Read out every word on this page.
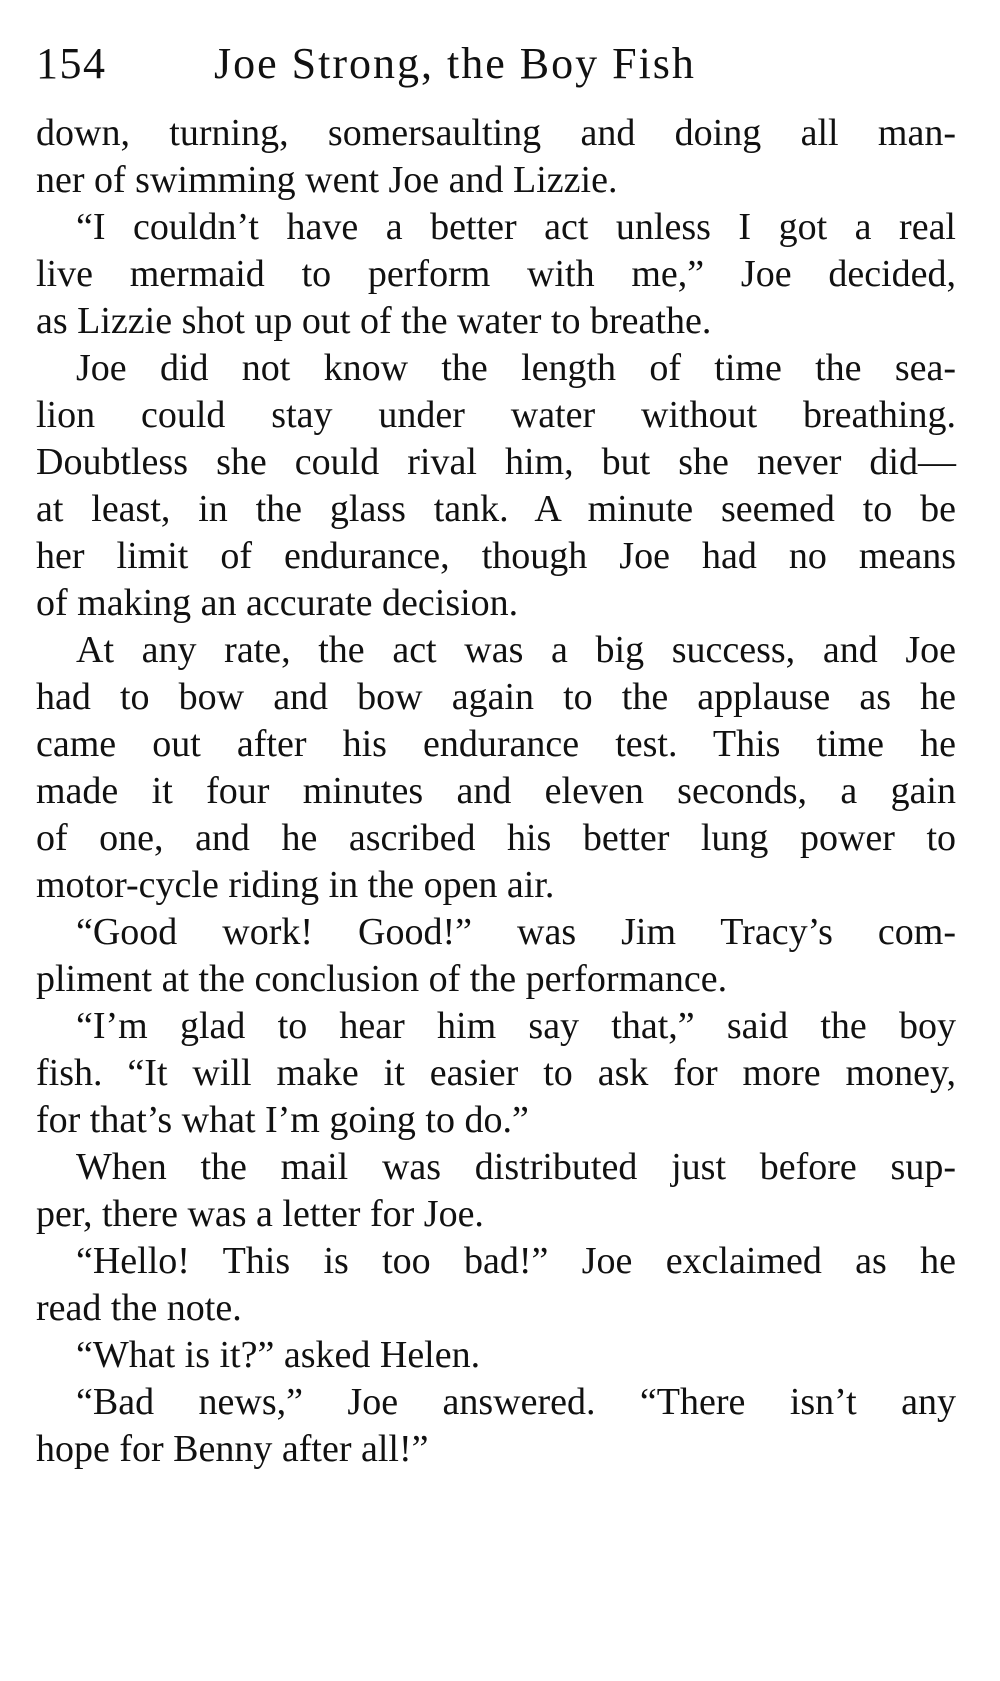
154	Joe Strong, the Boy Fish

down, turning, somersaulting and doing all man-
ner of swimming went Joe and Lizzie.

“I couldn’t have a better act unless I got a real
live mermaid to perform with me,” Joe decided,
as Lizzie shot up out of the water to breathe.

Joe did not know the length of time the sea-
lion could stay under water without breathing.
Doubtless she could rival him, but she never did—
at least, in the glass tank. A minute seemed to be
her limit of endurance, though Joe had no means
of making an accurate decision.

At any rate, the act was a big success, and Joe
had to bow and bow again to the applause as he
came out after his endurance test. This time he
made it four minutes and eleven seconds, a gain
of one, and he ascribed his better lung power to
motor-cycle riding in the open air.

“Good work! Good!” was Jim Tracy’s com-
pliment at the conclusion of the performance.

“I’m glad to hear him say that,” said the boy
fish. “It will make it easier to ask for more money,
for that’s what I’m going to do.”

When the mail was distributed just before sup-
per, there was a letter for Joe.

“Hello! This is too bad!” Joe exclaimed as he
read the note.

“What is it?” asked Helen.

“Bad news,” Joe answered. “There isn’t any
hope for Benny after all!”
